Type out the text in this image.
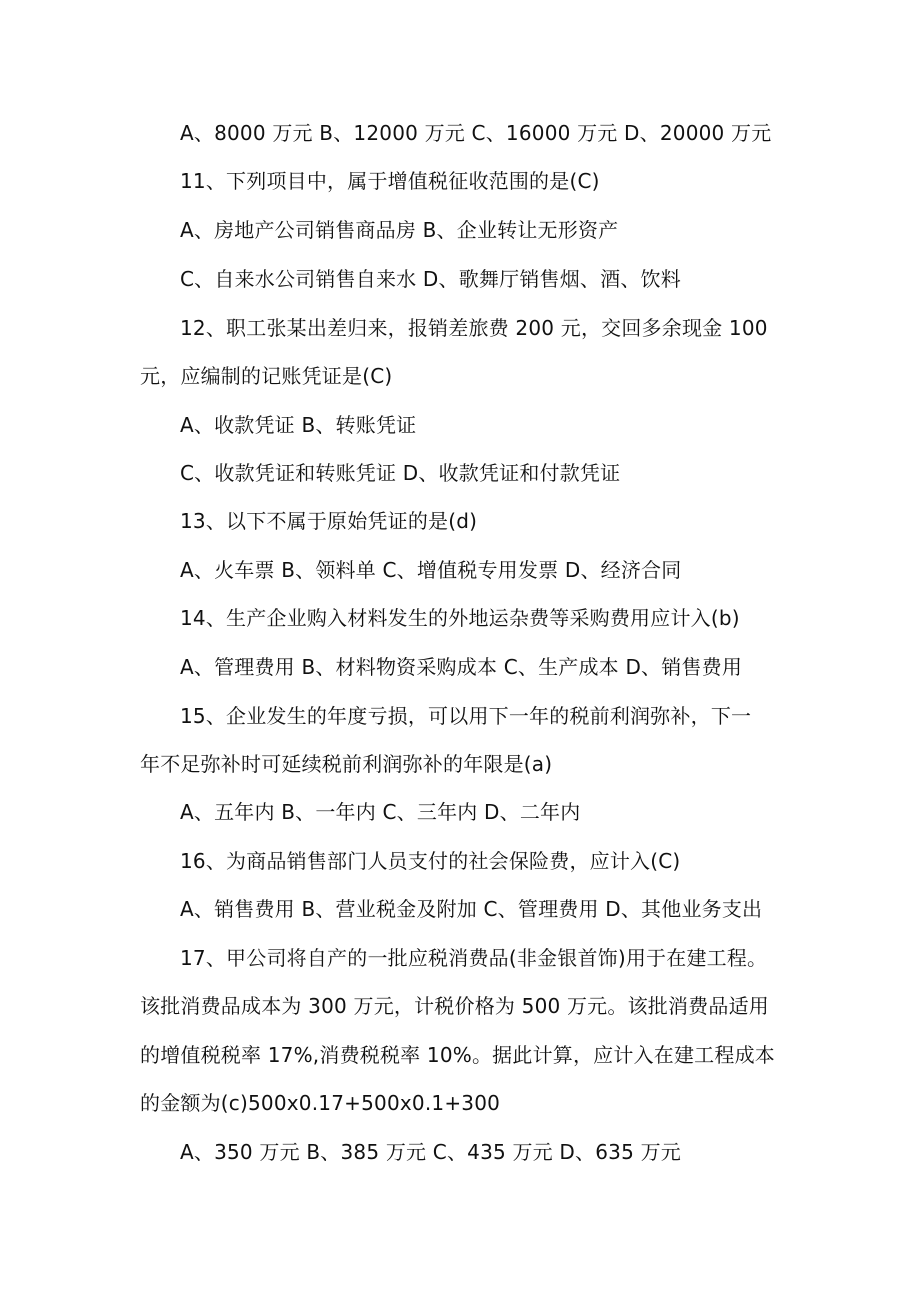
A、8000 万元 B、12000 万元 C、16000 万元 D、20000 万元
11、下列项目中，属于增值税征收范围的是(C)
A、房地产公司销售商品房 B、企业转让无形资产
C、自来水公司销售自来水 D、歌舞厅销售烟、酒、饮料
12、职工张某出差归来，报销差旅费 200 元，交回多余现金 100
元，应编制的记账凭证是(C)
A、收款凭证 B、转账凭证
C、收款凭证和转账凭证 D、收款凭证和付款凭证
13、以下不属于原始凭证的是(d)
A、火车票 B、领料单 C、增值税专用发票 D、经济合同
14、生产企业购入材料发生的外地运杂费等采购费用应计入(b)
A、管理费用 B、材料物资采购成本 C、生产成本 D、销售费用
15、企业发生的年度亏损，可以用下一年的税前利润弥补，下一
年不足弥补时可延续税前利润弥补的年限是(a)
A、五年内 B、一年内 C、三年内 D、二年内
16、为商品销售部门人员支付的社会保险费，应计入(C)
A、销售费用 B、营业税金及附加 C、管理费用 D、其他业务支出
17、甲公司将自产的一批应税消费品(非金银首饰)用于在建工程。
该批消费品成本为 300 万元，计税价格为 500 万元。该批消费品适用
的增值税税率 17%,消费税税率 10%。据此计算，应计入在建工程成本
的金额为(c)500x0.17+500x0.1+300
A、350 万元 B、385 万元 C、435 万元 D、635 万元
